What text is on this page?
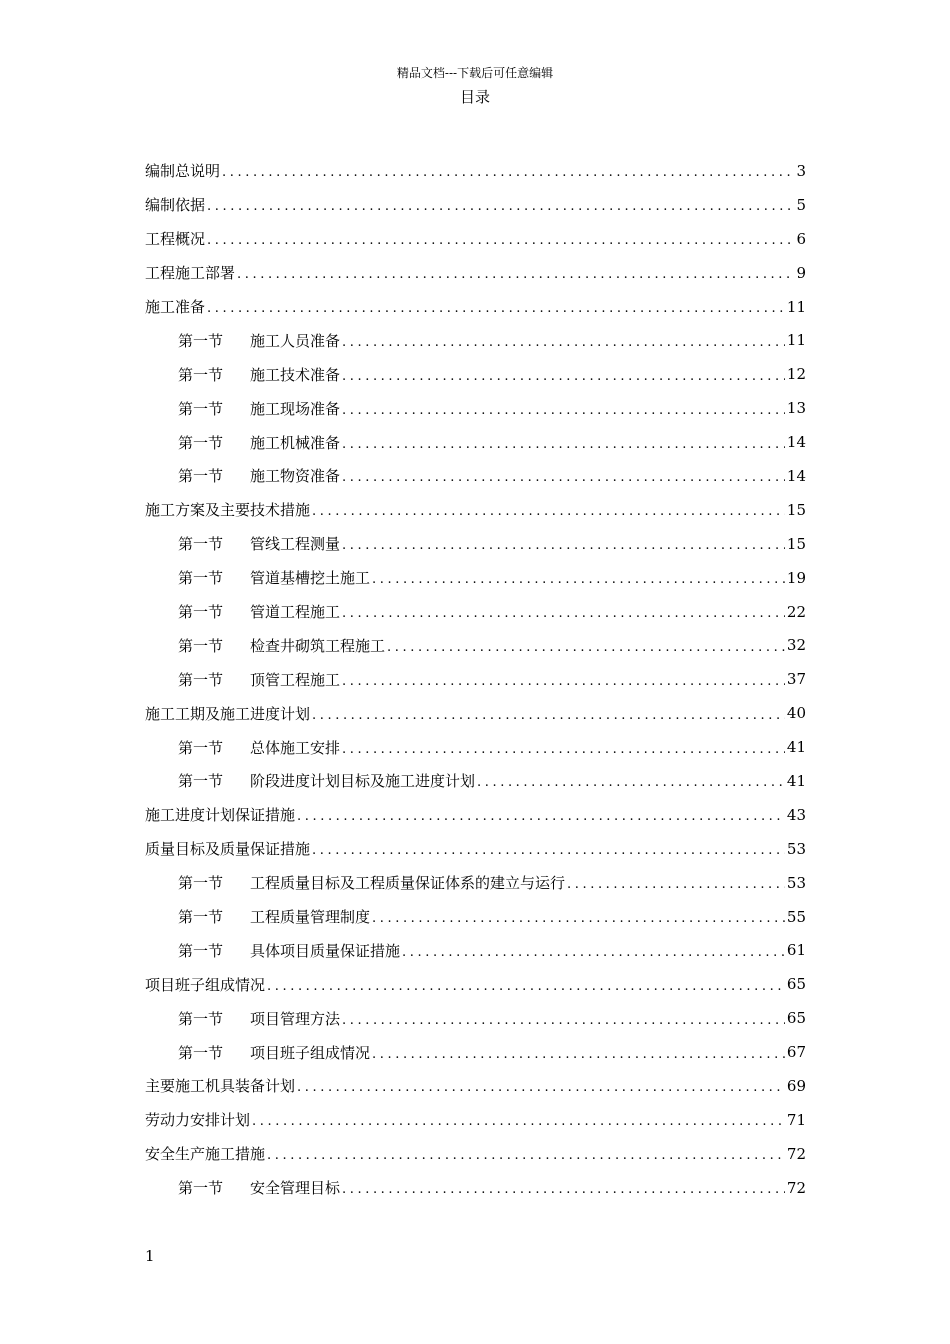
精品文档---下载后可任意编辑
目录
编制总说明 .....	3
编制依据 .....	5
工程概况 .....	6
工程施工部署 .....	9
施工准备 .....	11
第一节	施工人员准备 .....	11
第一节	施工技术准备 .....	12
第一节	施工现场准备 .....	13
第一节	施工机械准备 .....	14
第一节	施工物资准备 .....	14
施工方案及主要技术措施 .....	15
第一节	管线工程测量 .....	15
第一节	管道基槽挖土施工 .....	19
第一节	管道工程施工 .....	22
第一节	检查井砌筑工程施工 .....	32
第一节	顶管工程施工 .....	37
施工工期及施工进度计划 .....	40
第一节	总体施工安排 .....	41
第一节	阶段进度计划目标及施工进度计划 .....	41
施工进度计划保证措施 .....	43
质量目标及质量保证措施 .....	53
第一节	工程质量目标及工程质量保证体系的建立与运行 .....	53
第一节	工程质量管理制度 .....	55
第一节	具体项目质量保证措施 .....	61
项目班子组成情况 .....	65
第一节	项目管理方法 .....	65
第一节	项目班子组成情况 .....	67
主要施工机具装备计划 .....	69
劳动力安排计划 .....	71
安全生产施工措施 .....	72
第一节	安全管理目标 .....	72
1
